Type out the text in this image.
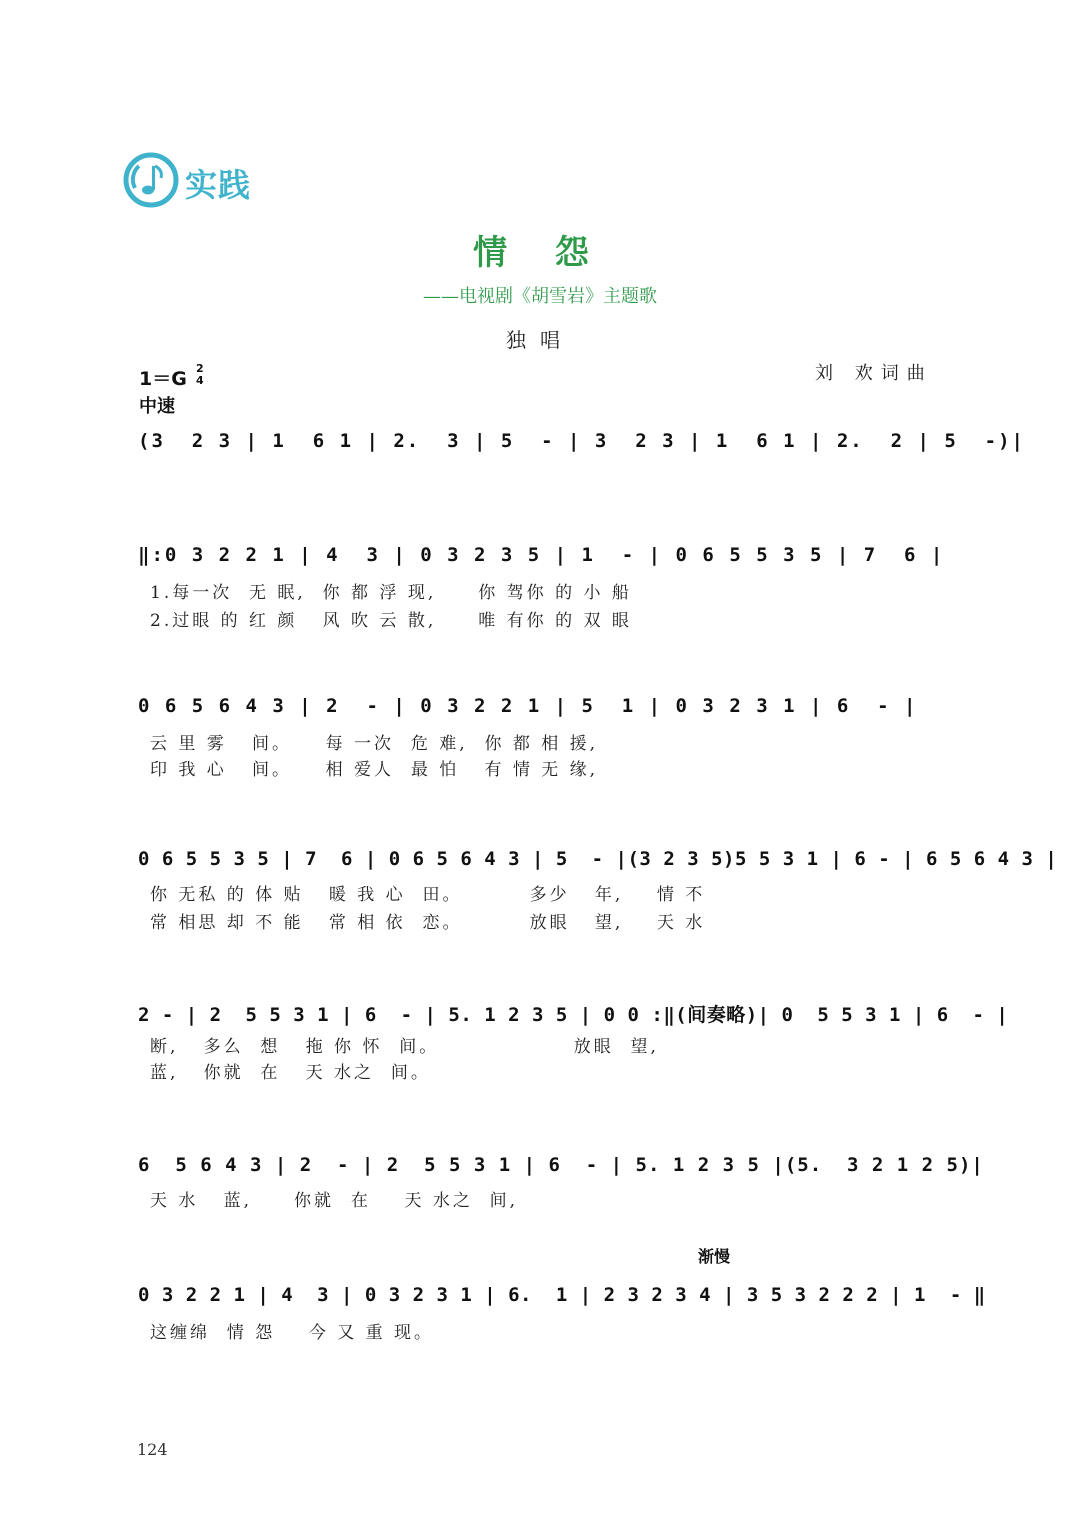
实践
情 怨
——电视剧《胡雪岩》主题歌
独唱
1＝G 2
4
中速
刘 欢词曲
(3  2 3 | 1  6 1 | 2.  3 | 5  - | 3  2 3 | 1  6 1 | 2.  2 | 5  -)|
‖:0 3 2 2 1 | 4  3 | 0 3 2 3 5 | 1  - | 0 6 5 5 3 5 | 7  6 |
1.每一次  无 眠,  你 都 浮 现,     你 驾你 的 小 船
2.过眼 的 红 颜   风 吹 云 散,     唯 有你 的 双 眼
0 6 5 6 4 3 | 2  - | 0 3 2 2 1 | 5  1 | 0 3 2 3 1 | 6  - |
云 里 雾   间。    每 一次  危 难,  你 都 相 援,
印 我 心   间。    相 爱人  最 怕   有 情 无 缘,
0 6 5 5 3 5 | 7  6 | 0 6 5 6 4 3 | 5  - |(3 2 3 5)5 5 3 1 | 6 - | 6 5 6 4 3 |
你 无私 的 体 贴   暖 我 心  田。        多少   年,    情 不
常 相思 却 不 能   常 相 依  恋。        放眼   望,    天 水
2 - | 2  5 5 3 1 | 6  - | 5. 1 2 3 5 | 0 0 :‖(间奏略)| 0  5 5 3 1 | 6  - |
断,   多么  想   拖 你 怀  间。                放眼  望,
蓝,   你就  在   天 水之  间。
6  5 6 4 3 | 2  - | 2  5 5 3 1 | 6  - | 5. 1 2 3 5 |(5.  3 2 1 2 5)|
天 水   蓝,     你就  在    天 水之  间,
渐慢
0 3 2 2 1 | 4  3 | 0 3 2 3 1 | 6.  1 | 2 3 2 3 4 | 3 5 3 2 2 2 | 1  - ‖
这缠绵  情 怨    今 又 重 现。
124
